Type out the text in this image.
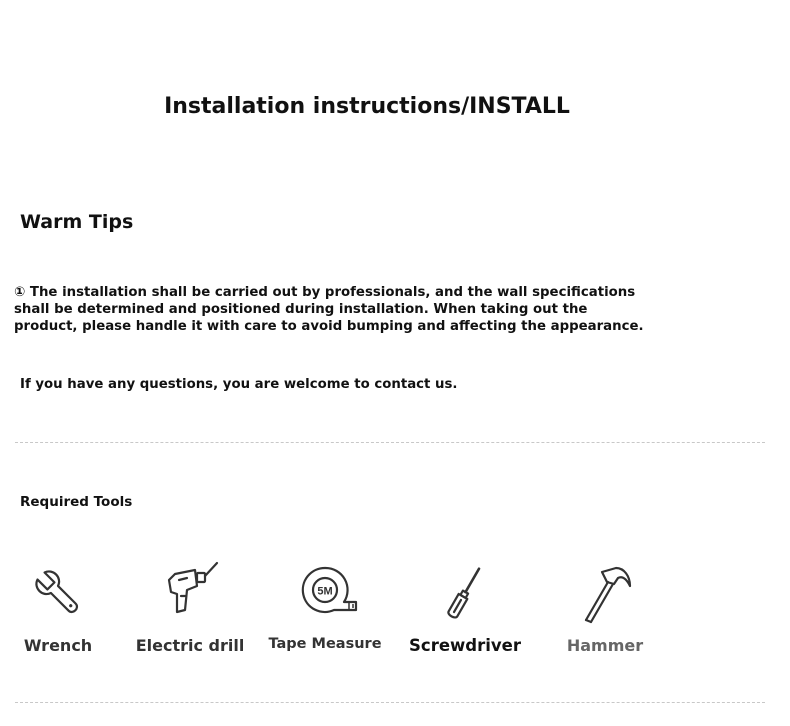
Installation instructions/INSTALL
Warm Tips
① The installation shall be carried out by professionals, and the wall specifications shall be determined and positioned during installation. When taking out the product, please handle it with care to avoid bumping and affecting the appearance.
If you have any questions, you are welcome to contact us.
Required Tools
Wrench	Electric drill
5M
Tape Measure	Screwdriver	Hammer
